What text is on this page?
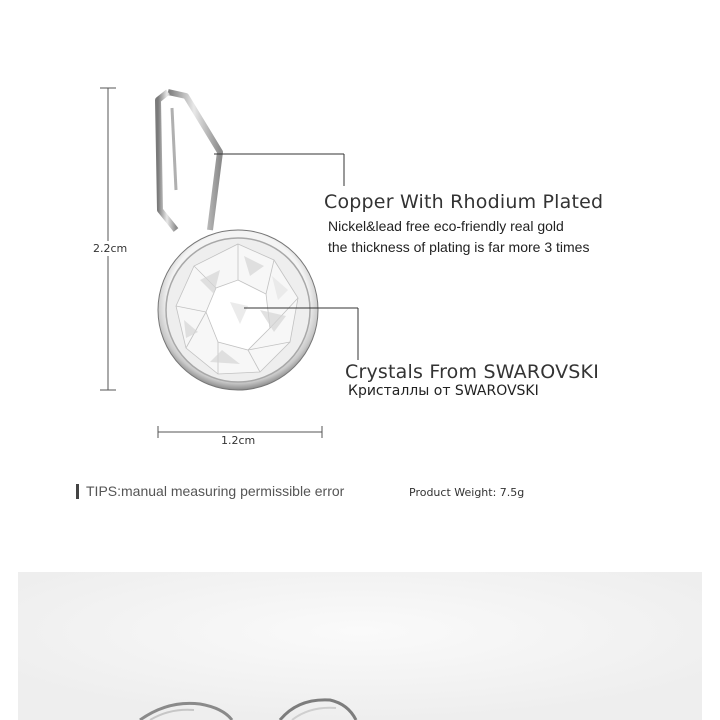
2.2cm
1.2cm
Copper With Rhodium Plated
Nickel&lead free eco-friendly real gold
the thickness of plating is far more 3 times
Crystals From SWAROVSKI
Кристаллы от SWAROVSKI
TIPS:manual measuring permissible error	Product Weight: 7.5g
